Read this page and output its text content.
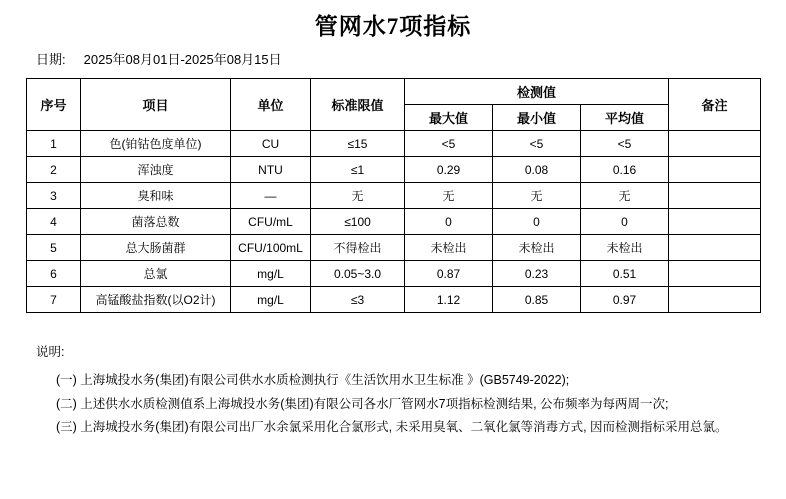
管网水7项指标
日期: 2025年08月01日-2025年08月15日
序号	项目	单位	标准限值	检测值			备注
				最大值	最小值	平均值	
1	色(铂钴色度单位)	CU	≤15	<5	<5	<5	
2	浑浊度	NTU	≤1	0.29	0.08	0.16	
3	臭和味	—	无	无	无	无	
4	菌落总数	CFU/mL	≤100	0	0	0	
5	总大肠菌群	CFU/100mL	不得检出	未检出	未检出	未检出	
6	总氯	mg/L	0.05~3.0	0.87	0.23	0.51	
7	高锰酸盐指数(以O2计)	mg/L	≤3	1.12	0.85	0.97	

说明:

(一) 上海城投水务(集团)有限公司供水水质检测执行《生活饮用水卫生标准 》(GB5749-2022);

(二) 上述供水水质检测值系上海城投水务(集团)有限公司各水厂管网水7项指标检测结果, 公布频率为每两周一次;

(三) 上海城投水务(集团)有限公司出厂水余氯采用化合氯形式, 未采用臭氧、二氧化氯等消毒方式, 因而检测指标采用总氯。
